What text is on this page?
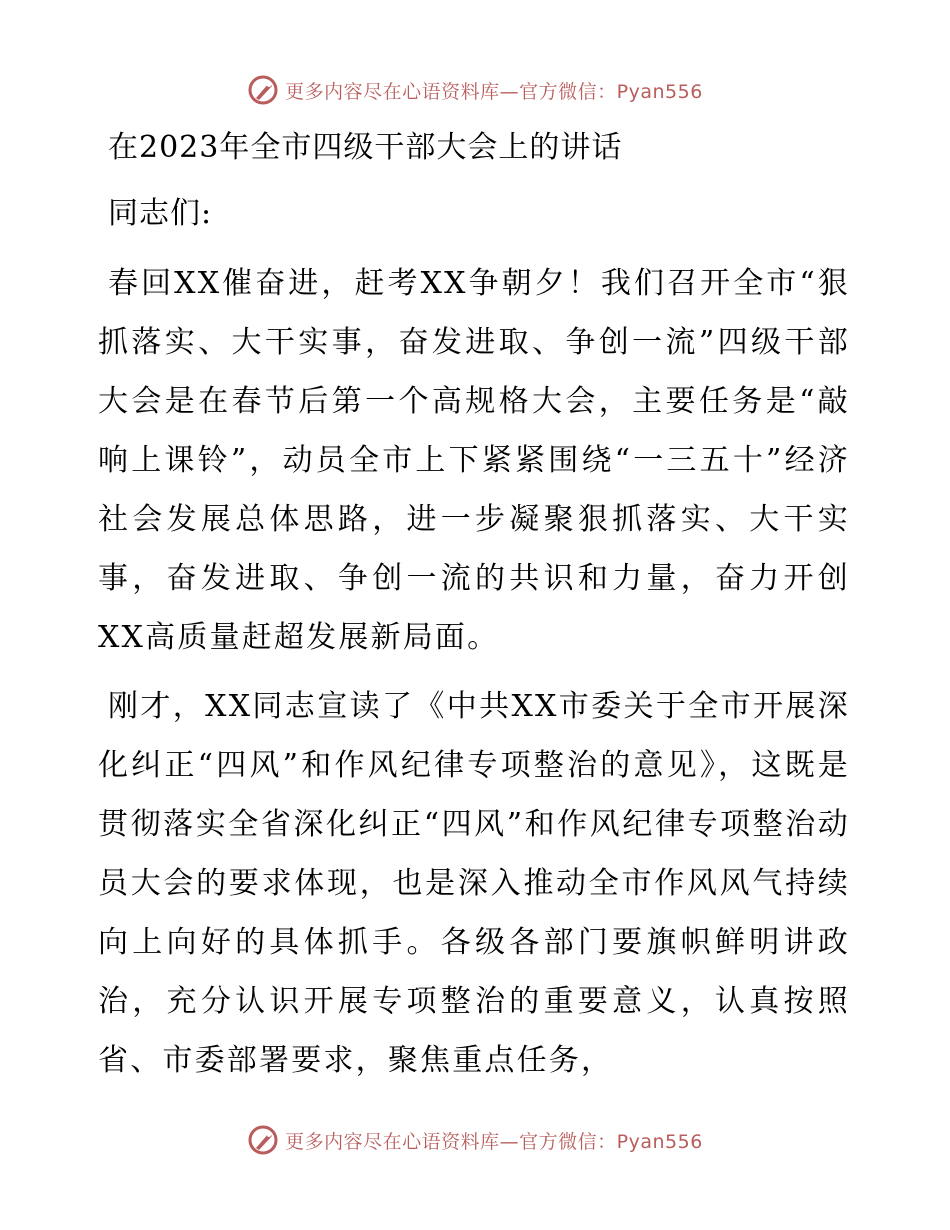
更多内容尽在心语资料库—官方微信：Pyan556
在2023年全市四级干部大会上的讲话

同志们:

春回XX催奋进，赶考XX争朝夕！我们召开全市“狠抓落实、大干实事，奋发进取、争创一流”四级干部大会是在春节后第一个高规格大会，主要任务是“敲响上课铃”，动员全市上下紧紧围绕“一三五十”经济社会发展总体思路，进一步凝聚狠抓落实、大干实事，奋发进取、争创一流的共识和力量，奋力开创XX高质量赶超发展新局面。

刚才，XX同志宣读了《中共XX市委关于全市开展深化纠正“四风”和作风纪律专项整治的意见》，这既是贯彻落实全省深化纠正“四风”和作风纪律专项整治动员大会的要求体现，也是深入推动全市作风风气持续向上向好的具体抓手。各级各部门要旗帜鲜明讲政治，充分认识开展专项整治的重要意义，认真按照省、市委部署要求，聚焦重点任务，

更多内容尽在心语资料库—官方微信：Pyan556
